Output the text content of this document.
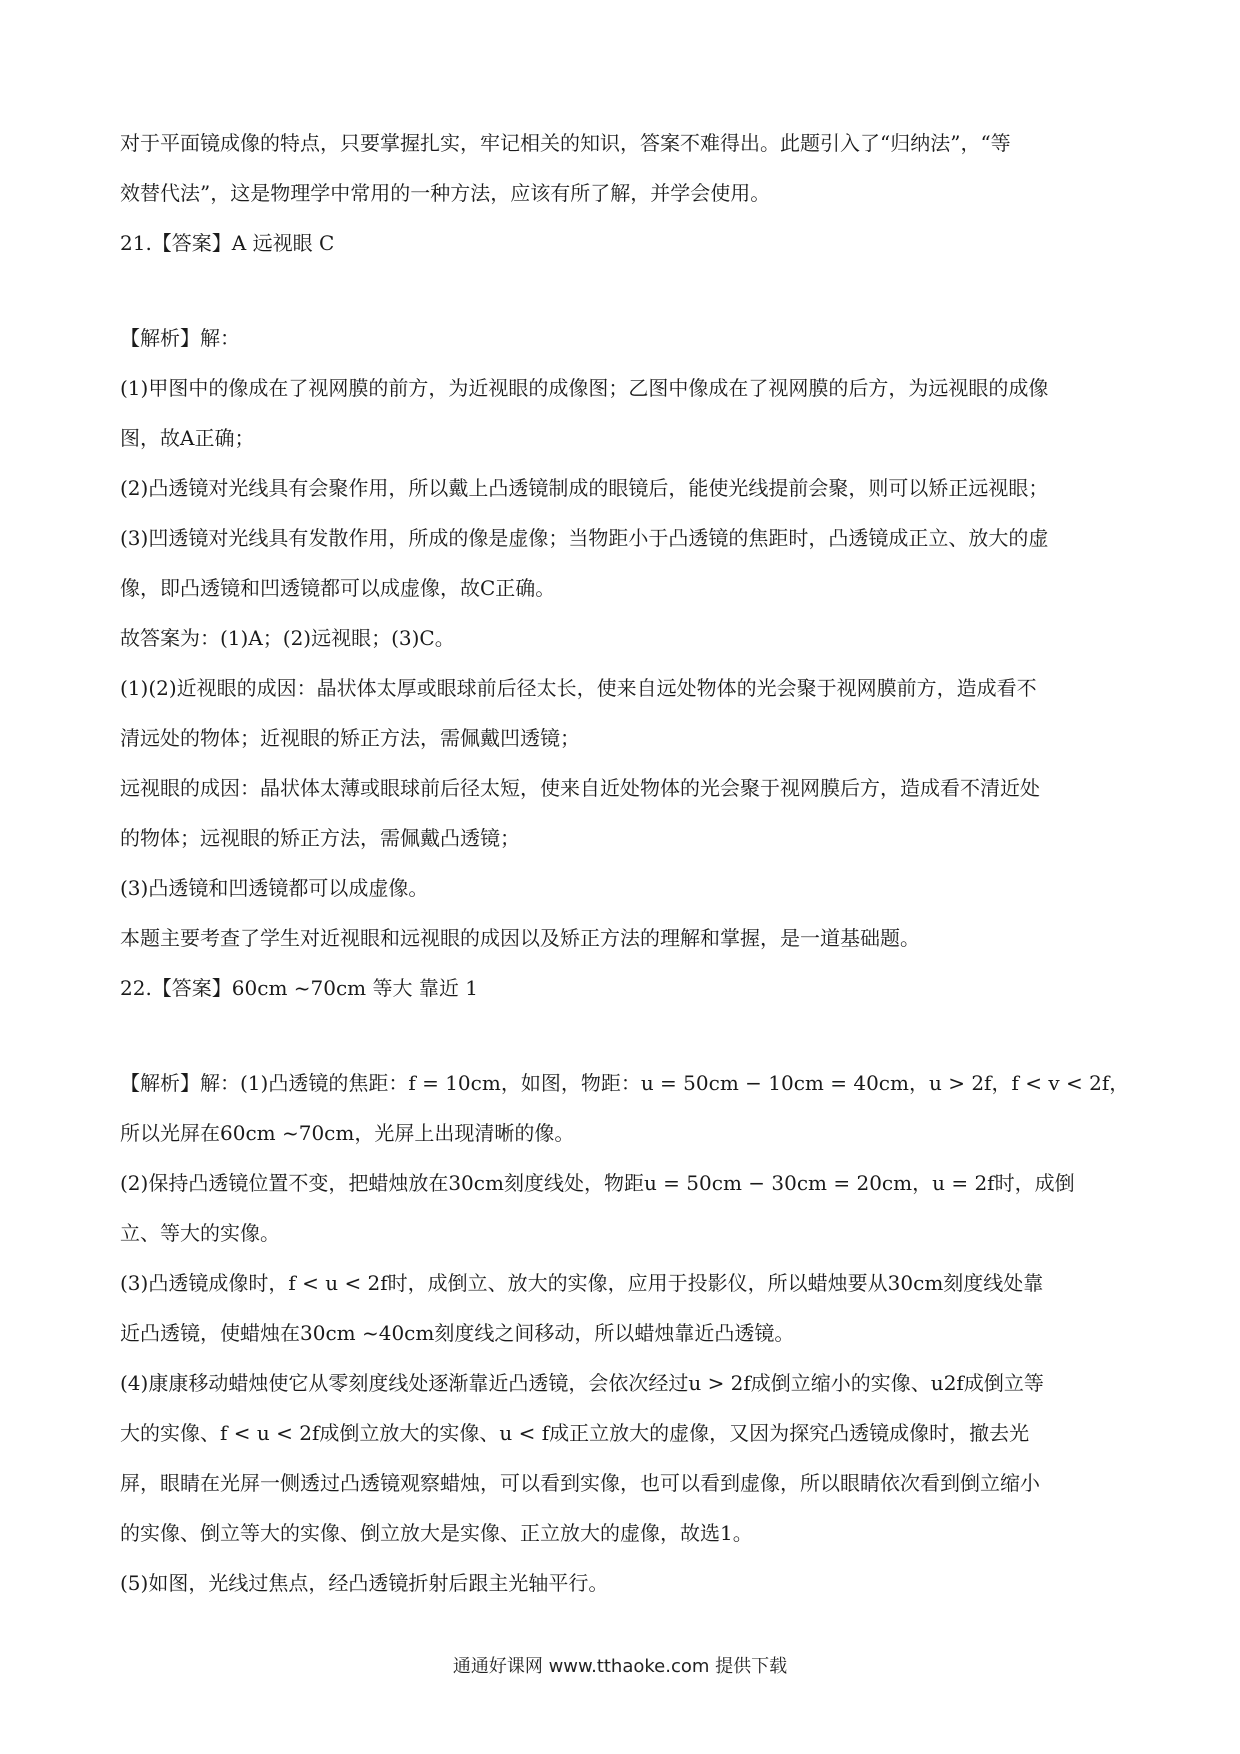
对于平面镜成像的特点，只要掌握扎实，牢记相关的知识，答案不难得出。此题引入了“归纳法”，“等
效替代法”，这是物理学中常用的一种方法，应该有所了解，并学会使用。
21.【答案】A 远视眼 C
【解析】解：
(1)甲图中的像成在了视网膜的前方，为近视眼的成像图；乙图中像成在了视网膜的后方，为远视眼的成像
图，故A正确；
(2)凸透镜对光线具有会聚作用，所以戴上凸透镜制成的眼镜后，能使光线提前会聚，则可以矫正远视眼；
(3)凹透镜对光线具有发散作用，所成的像是虚像；当物距小于凸透镜的焦距时，凸透镜成正立、放大的虚
像，即凸透镜和凹透镜都可以成虚像，故C正确。
故答案为：(1)A；(2)远视眼；(3)C。
(1)(2)近视眼的成因：晶状体太厚或眼球前后径太长，使来自远处物体的光会聚于视网膜前方，造成看不
清远处的物体；近视眼的矫正方法，需佩戴凹透镜；
远视眼的成因：晶状体太薄或眼球前后径太短，使来自近处物体的光会聚于视网膜后方，造成看不清近处
的物体；远视眼的矫正方法，需佩戴凸透镜；
(3)凸透镜和凹透镜都可以成虚像。
本题主要考查了学生对近视眼和远视眼的成因以及矫正方法的理解和掌握，是一道基础题。
22.【答案】60cm ~70cm 等大 靠近 1
【解析】解：(1)凸透镜的焦距：f = 10cm，如图，物距：u = 50cm − 10cm = 40cm，u > 2f，f < v < 2f，
所以光屏在60cm ~70cm，光屏上出现清晰的像。
(2)保持凸透镜位置不变，把蜡烛放在30cm刻度线处，物距u = 50cm − 30cm = 20cm，u = 2f时，成倒
立、等大的实像。
(3)凸透镜成像时，f < u < 2f时，成倒立、放大的实像，应用于投影仪，所以蜡烛要从30cm刻度线处靠
近凸透镜，使蜡烛在30cm ~40cm刻度线之间移动，所以蜡烛靠近凸透镜。
(4)康康移动蜡烛使它从零刻度线处逐渐靠近凸透镜，会依次经过u > 2f成倒立缩小的实像、u2f成倒立等
大的实像、f < u < 2f成倒立放大的实像、u < f成正立放大的虚像，又因为探究凸透镜成像时，撤去光
屏，眼睛在光屏一侧透过凸透镜观察蜡烛，可以看到实像，也可以看到虚像，所以眼睛依次看到倒立缩小
的实像、倒立等大的实像、倒立放大是实像、正立放大的虚像，故选1。
(5)如图，光线过焦点，经凸透镜折射后跟主光轴平行。
通通好课网 www.tthaoke.com 提供下载
